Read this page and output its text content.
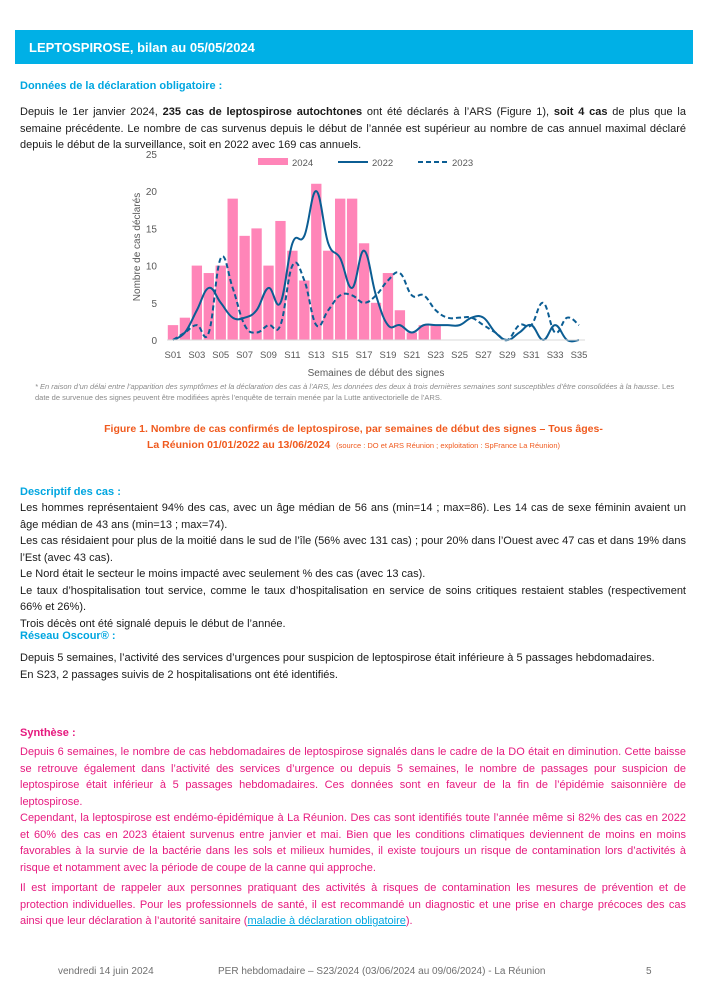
LEPTOSPIROSE, bilan au 05/05/2024
Données de la déclaration obligatoire :
Depuis le 1er janvier 2024, 235 cas de leptospirose autochtones ont été déclarés à l’ARS (Figure 1), soit 4 cas de plus que la semaine précédente. Le nombre de cas survenus depuis le début de l’année est supérieur au nombre de cas annuel maximal déclaré depuis le début de la surveillance, soit en 2022 avec 169 cas annuels.
0
5
10
15
20
25
S01 S03 S05 S07 S09 S11 S13 S15 S17 S19 S21 S23 S25 S27 S29 S31 S33 S35
Semaines de début des signes
Nombre de cas déclarés
2024	2022	2023
* En raison d’un délai entre l’apparition des symptômes et la déclaration des cas à l’ARS, les données des deux à trois dernières semaines sont susceptibles d’être consolidées à la hausse. Les date de survenue des signes peuvent être modifiées après l’enquête de terrain menée par la Lutte antivectorielle de l’ARS.
Figure 1. Nombre de cas confirmés de leptospirose, par semaines de début des signes – Tous âges-
La Réunion 01/01/2022 au 13/06/2024 (source : DO et ARS Réunion ; exploitation : SpFrance La Réunion)
Descriptif des cas :
Les hommes représentaient 94% des cas, avec un âge médian de 56 ans (min=14 ; max=86). Les 14 cas de sexe féminin avaient un âge médian de 43 ans (min=13 ; max=74).
Les cas résidaient pour plus de la moitié dans le sud de l’île (56% avec 131 cas) ; pour 20% dans l’Ouest avec 47 cas et dans 19% dans l’Est (avec 43 cas).
Le Nord était le secteur le moins impacté avec seulement % des cas (avec 13 cas).
Le taux d’hospitalisation tout service, comme le taux d’hospitalisation en service de soins critiques restaient stables (respectivement 66% et 26%).
Trois décès ont été signalé depuis le début de l’année.
Réseau Oscour® :
Depuis 5 semaines, l’activité des services d’urgences pour suspicion de leptospirose était inférieure à 5 passages hebdomadaires.
En S23, 2 passages suivis de 2 hospitalisations ont été identifiés.
Synthèse :
Depuis 6 semaines, le nombre de cas hebdomadaires de leptospirose signalés dans le cadre de la DO était en diminution. Cette baisse se retrouve également dans l’activité des services d’urgence ou depuis 5 semaines, le nombre de passages pour suspicion de leptospirose était inférieur à 5 passages hebdomadaires. Ces données sont en faveur de la fin de l’épidémie saisonnière de leptospirose.
Cependant, la leptospirose est endémo-épidémique à La Réunion. Des cas sont identifiés toute l’année même si 82% des cas en 2022 et 60% des cas en 2023 étaient survenus entre janvier et mai. Bien que les conditions climatiques deviennent de moins en moins favorables à la survie de la bactérie dans les sols et milieux humides, il existe toujours un risque de contamination lors d’activités à risque et notamment avec la période de coupe de la canne qui approche.
Il est important de rappeler aux personnes pratiquant des activités à risques de contamination les mesures de prévention et de protection individuelles. Pour les professionnels de santé, il est recommandé un diagnostic et une prise en charge précoces des cas ainsi que leur déclaration à l’autorité sanitaire (maladie à déclaration obligatoire).
vendredi 14 juin 2024	PER hebdomadaire – S23/2024 (03/06/2024 au 09/06/2024) - La Réunion	5
